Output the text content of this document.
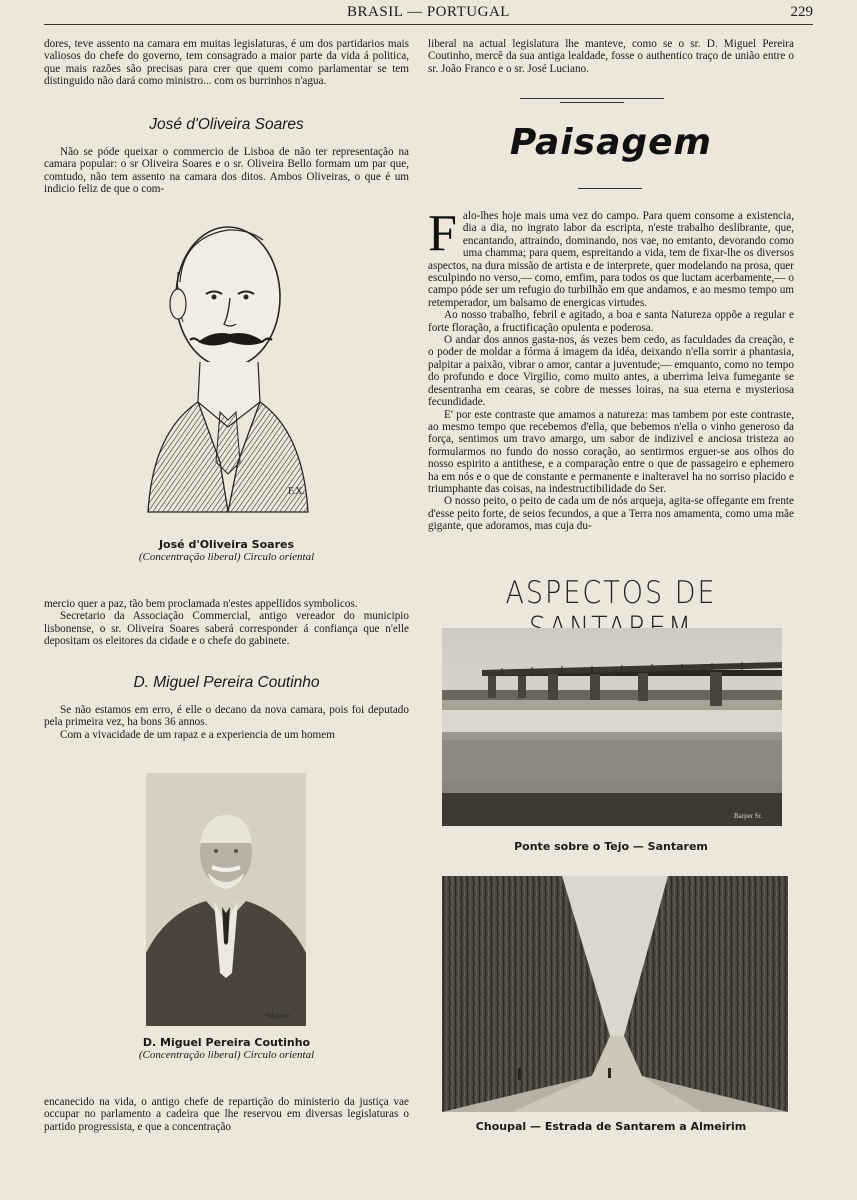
BRASIL — PORTUGAL	229

dores, teve assento na camara em muitas legislaturas, é um dos partidarios mais valiosos do chefe do governo, tem consagrado a maior parte da vida á politica, que mais razões são precisas para crer que quem como parlamentar se tem distinguido não dará como ministro... com os burrinhos n'agua.

José d'Oliveira Soares

Não se póde queixar o commercio de Lisboa de não ter representação na camara popular: o sr Oliveira Soares e o sr. Oliveira Bello formam um par que, comtudo, não tem assento na camara dos ditos. Ambos Oliveiras, o que é um indicio feliz de que o com-

F.X.

José d'Oliveira Soares

(Concentração liberal) Circulo oriental

mercio quer a paz, tão bem proclamada n'estes appellidos symbolicos.

Secretario da Associação Commercial, antigo vereador do municipio lisbonense, o sr. Oliveira Soares saberá corresponder á confiança que n'elle depositam os eleitores da cidade e o chefe do gabinete.

D. Miguel Pereira Coutinho

Se não estamos em erro, é elle o decano da nova camara, pois foi deputado pela primeira vez, ha bons 36 annos.

Com a vivacidade de um rapaz e a experiencia de um homem

~Maries~

D. Miguel Pereira Coutinho

(Concentração liberal) Circulo oriental

encanecido na vida, o antigo chefe de repartição do ministerio da justiça vae occupar no parlamento a cadeira que lhe reservou em diversas legislaturas o partido progressista, e que a concentração

liberal na actual legislatura lhe manteve, como se o sr. D. Miguel Pereira Coutinho, mercê da sua antiga lealdade, fosse o authentico traço de união entre o sr. João Franco e o sr. José Luciano.

Paisagem

Falo-lhes hoje mais uma vez do campo. Para quem consome a existencia, dia a dia, no ingrato labor da escripta, n'este trabalho deslibrante, que, encantando, attraindo, dominando, nos vae, no emtanto, devorando como uma chamma; para quem, espreitando a vida, tem de fixar-lhe os diversos aspectos, na dura missão de artista e de interprete, quer modelando na prosa, quer esculpindo no verso,— como, emfim, para todos os que luctam acerbamente,— o campo póde ser um refugio do turbilhão em que andamos, e ao mesmo tempo um retemperador, um balsamo de energicas virtudes.

Ao nosso trabalho, febril e agitado, a boa e santa Natureza oppõe a regular e forte floração, a fructificação opulenta e poderosa.

O andar dos annos gasta-nos, ás vezes bem cedo, as faculdades da creação, e o poder de moldar a fórma á imagem da idéa, deixando n'ella sorrir a phantasia, palpitar a paixão, vibrar o amor, cantar a juventude;— emquanto, como no tempo do profundo e doce Virgilio, como muito antes, a uberrima leiva fumegante se desentranha em cearas, se cobre de messes loiras, na sua eterna e mysteriosa fecundidade.

E' por este contraste que amamos a natureza: mas tambem por este contraste, ao mesmo tempo que recebemos d'ella, que bebemos n'ella o vinho generoso da força, sentimos um travo amargo, um sabor de indizivel e anciosa tristeza ao formularmos no fundo do nosso coração, ao sentirmos erguer-se aos olhos do nosso espirito a antithese, e a comparação entre o que de passageiro e ephemero ha em nós e o que de constante e permanente e inalteravel ha no sorriso placido e triumphante das coisas, na indestructibilidade do Ser.

O nosso peito, o peito de cada um de nós arqueja, agita-se offegante em frente d'esse peito forte, de seios fecundos, a que a Terra nos amamenta, como uma mãe gigante, que adoramos, mas cuja du-

ASPECTOS DE
Barper Sr.

Ponte sobre o Tejo — Santarem

Choupal — Estrada de Santarem a Almeirim
